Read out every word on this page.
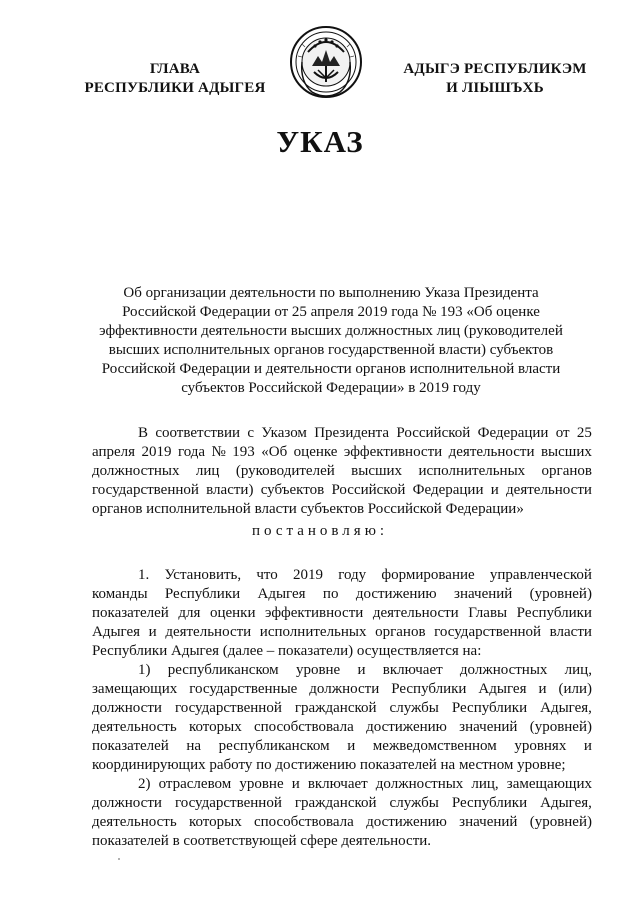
ГЛАВА
РЕСПУБЛИКИ АДЫГЕЯ
АДЫГЭ РЕСПУБЛИКЭМ
И ЛІЫШЪХЬ
УКАЗ
Об организации деятельности по выполнению Указа Президента
Российской Федерации от 25 апреля 2019 года № 193 «Об оценке
эффективности деятельности высших должностных лиц (руководителей
высших исполнительных органов государственной власти) субъектов
Российской Федерации и деятельности органов исполнительной власти
субъектов Российской Федерации» в 2019 году
В соответствии с Указом Президента Российской Федерации от 25
апреля 2019 года № 193 «Об оценке эффективности деятельности высших
должностных лиц (руководителей высших исполнительных органов
государственной власти) субъектов Российской Федерации и деятельности
органов исполнительной власти субъектов Российской Федерации»
постановляю:
1. Установить, что 2019 году формирование управленческой
команды Республики Адыгея по достижению значений (уровней)
показателей для оценки эффективности деятельности Главы Республики
Адыгея и деятельности исполнительных органов государственной власти
Республики Адыгея (далее – показатели) осуществляется на:
1) республиканском уровне и включает должностных лиц,
замещающих государственные должности Республики Адыгея и (или)
должности государственной гражданской службы Республики Адыгея,
деятельность которых способствовала достижению значений (уровней)
показателей на республиканском и межведомственном уровнях и
координирующих работу по достижению показателей на местном уровне;
2) отраслевом уровне и включает должностных лиц, замещающих
должности государственной гражданской службы Республики Адыгея,
деятельность которых способствовала достижению значений (уровней)
показателей в соответствующей сфере деятельности.
